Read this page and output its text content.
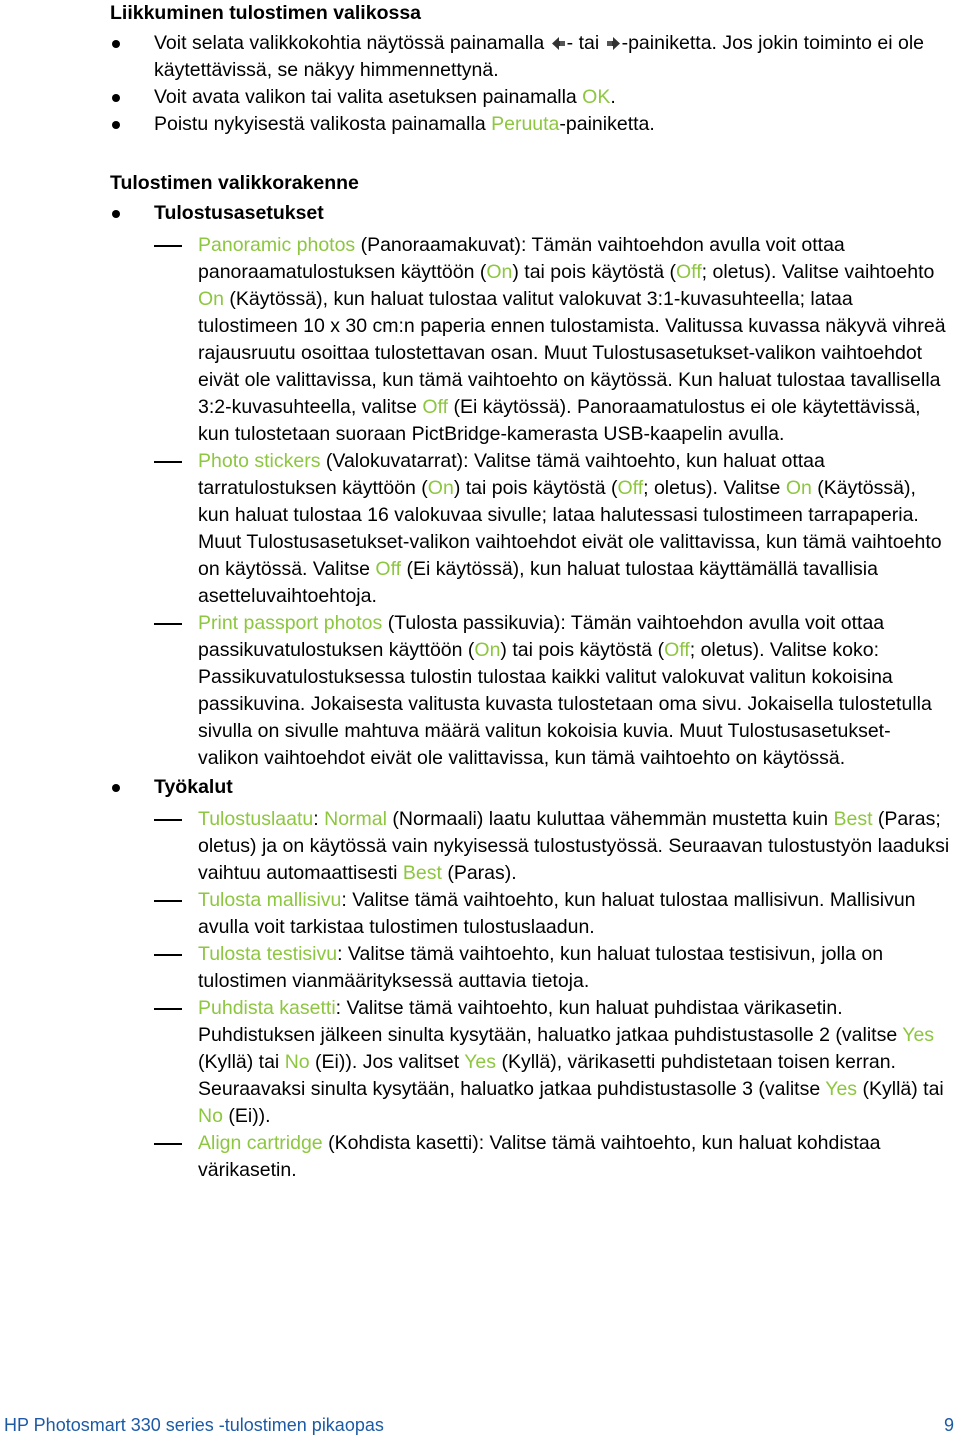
Liikkuminen tulostimen valikossa
Voit selata valikkokohtia näytössä painamalla - tai -painiketta. Jos jokin toiminto ei ole käytettävissä, se näkyy himmennettynä.
Voit avata valikon tai valita asetuksen painamalla OK.
Poistu nykyisestä valikosta painamalla Peruuta-painiketta.
Tulostimen valikkorakenne
Tulostusasetukset
Panoramic photos (Panoraamakuvat): Tämän vaihtoehdon avulla voit ottaa panoraamatulostuksen käyttöön (On) tai pois käytöstä (Off; oletus). Valitse vaihtoehto On (Käytössä), kun haluat tulostaa valitut valokuvat 3:1-kuvasuhteella; lataa tulostimeen 10 x 30 cm:n paperia ennen tulostamista. Valitussa kuvassa näkyvä vihreä rajausruutu osoittaa tulostettavan osan. Muut Tulostusasetukset-valikon vaihtoehdot eivät ole valittavissa, kun tämä vaihtoehto on käytössä. Kun haluat tulostaa tavallisella 3:2-kuvasuhteella, valitse Off (Ei käytössä). Panoraamatulostus ei ole käytettävissä, kun tulostetaan suoraan PictBridge-kamerasta USB-kaapelin avulla.
Photo stickers (Valokuvatarrat): Valitse tämä vaihtoehto, kun haluat ottaa tarratulostuksen käyttöön (On) tai pois käytöstä (Off; oletus). Valitse On (Käytössä), kun haluat tulostaa 16 valokuvaa sivulle; lataa halutessasi tulostimeen tarrapaperia. Muut Tulostusasetukset-valikon vaihtoehdot eivät ole valittavissa, kun tämä vaihtoehto on käytössä. Valitse Off (Ei käytössä), kun haluat tulostaa käyttämällä tavallisia asetteluvaihtoehtoja.
Print passport photos (Tulosta passikuvia): Tämän vaihtoehdon avulla voit ottaa passikuvatulostuksen käyttöön (On) tai pois käytöstä (Off; oletus). Valitse koko: Passikuvatulostuksessa tulostin tulostaa kaikki valitut valokuvat valitun kokoisina passikuvina. Jokaisesta valitusta kuvasta tulostetaan oma sivu. Jokaisella tulostetulla sivulla on sivulle mahtuva määrä valitun kokoisia kuvia. Muut Tulostusasetukset-valikon vaihtoehdot eivät ole valittavissa, kun tämä vaihtoehto on käytössä.
Työkalut
Tulostuslaatu: Normal (Normaali) laatu kuluttaa vähemmän mustetta kuin Best (Paras; oletus) ja on käytössä vain nykyisessä tulostustyössä. Seuraavan tulostustyön laaduksi vaihtuu automaattisesti Best (Paras).
Tulosta mallisivu: Valitse tämä vaihtoehto, kun haluat tulostaa mallisivun. Mallisivun avulla voit tarkistaa tulostimen tulostuslaadun.
Tulosta testisivu: Valitse tämä vaihtoehto, kun haluat tulostaa testisivun, jolla on tulostimen vianmäärityksessä auttavia tietoja.
Puhdista kasetti: Valitse tämä vaihtoehto, kun haluat puhdistaa värikasetin. Puhdistuksen jälkeen sinulta kysytään, haluatko jatkaa puhdistustasolle 2 (valitse Yes (Kyllä) tai No (Ei)). Jos valitset Yes (Kyllä), värikasetti puhdistetaan toisen kerran. Seuraavaksi sinulta kysytään, haluatko jatkaa puhdistustasolle 3 (valitse Yes (Kyllä) tai No (Ei)).
Align cartridge (Kohdista kasetti): Valitse tämä vaihtoehto, kun haluat kohdistaa värikasetin.
HP Photosmart 330 series -tulostimen pikaopas	9
